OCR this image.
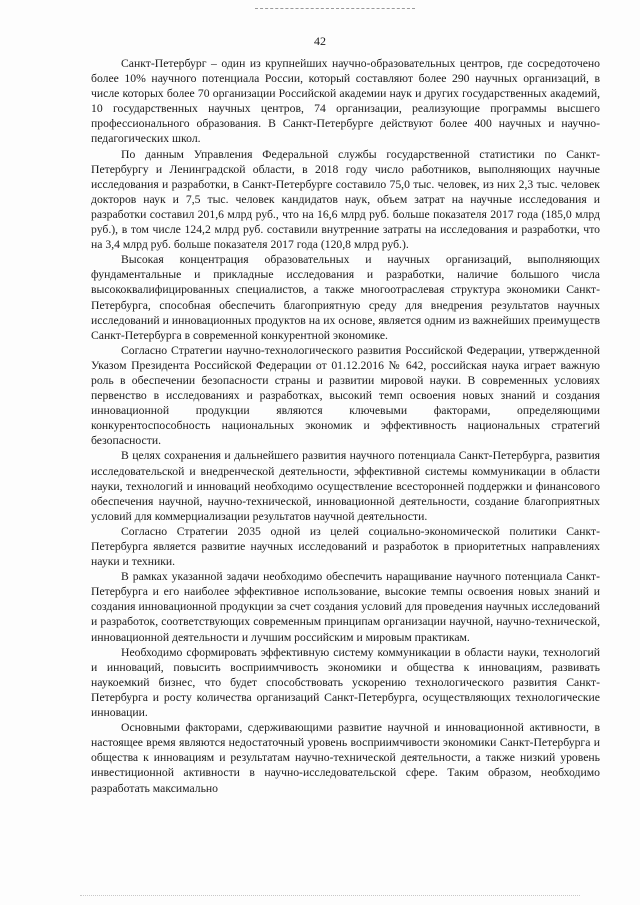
42

Санкт-Петербург – один из крупнейших научно-образовательных центров, где сосредоточено более 10% научного потенциала России, который составляют более 290 научных организаций, в числе которых более 70 организации Российской академии наук и других государственных академий, 10 государственных научных центров, 74 организации, реализующие программы высшего профессионального образования. В Санкт-Петербурге действуют более 400 научных и научно-педагогических школ.

По данным Управления Федеральной службы государственной статистики по Санкт-Петербургу и Ленинградской области, в 2018 году число работников, выполняющих научные исследования и разработки, в Санкт-Петербурге составило 75,0 тыс. человек, из них 2,3 тыс. человек докторов наук и 7,5 тыс. человек кандидатов наук, объем затрат на научные исследования и разработки составил 201,6 млрд руб., что на 16,6 млрд руб. больше показателя 2017 года (185,0 млрд руб.), в том числе 124,2 млрд руб. составили внутренние затраты на исследования и разработки, что на 3,4 млрд руб. больше показателя 2017 года (120,8 млрд руб.).

Высокая концентрация образовательных и научных организаций, выполняющих фундаментальные и прикладные исследования и разработки, наличие большого числа высококвалифицированных специалистов, а также многоотраслевая структура экономики Санкт-Петербурга, способная обеспечить благоприятную среду для внедрения результатов научных исследований и инновационных продуктов на их основе, является одним из важнейших преимуществ Санкт-Петербурга в современной конкурентной экономике.

Согласно Стратегии научно-технологического развития Российской Федерации, утвержденной Указом Президента Российской Федерации от 01.12.2016 № 642, российская наука играет важную роль в обеспечении безопасности страны и развитии мировой науки. В современных условиях первенство в исследованиях и разработках, высокий темп освоения новых знаний и создания инновационной продукции являются ключевыми факторами, определяющими конкурентоспособность национальных экономик и эффективность национальных стратегий безопасности.

В целях сохранения и дальнейшего развития научного потенциала Санкт-Петербурга, развития исследовательской и внедренческой деятельности, эффективной системы коммуникации в области науки, технологий и инноваций необходимо осуществление всесторонней поддержки и финансового обеспечения научной, научно-технической, инновационной деятельности, создание благоприятных условий для коммерциализации результатов научной деятельности.

Согласно Стратегии 2035 одной из целей социально-экономической политики Санкт-Петербурга является развитие научных исследований и разработок в приоритетных направлениях науки и техники.

В рамках указанной задачи необходимо обеспечить наращивание научного потенциала Санкт-Петербурга и его наиболее эффективное использование, высокие темпы освоения новых знаний и создания инновационной продукции за счет создания условий для проведения научных исследований и разработок, соответствующих современным принципам организации научной, научно-технической, инновационной деятельности и лучшим российским и мировым практикам.

Необходимо сформировать эффективную систему коммуникации в области науки, технологий и инноваций, повысить восприимчивость экономики и общества к инновациям, развивать наукоемкий бизнес, что будет способствовать ускорению технологического развития Санкт-Петербурга и росту количества организаций Санкт-Петербурга, осуществляющих технологические инновации.

Основными факторами, сдерживающими развитие научной и инновационной активности, в настоящее время являются недостаточный уровень восприимчивости экономики Санкт-Петербурга и общества к инновациям и результатам научно-технической деятельности, а также низкий уровень инвестиционной активности в научно-исследовательской сфере. Таким образом, необходимо разработать максимально
